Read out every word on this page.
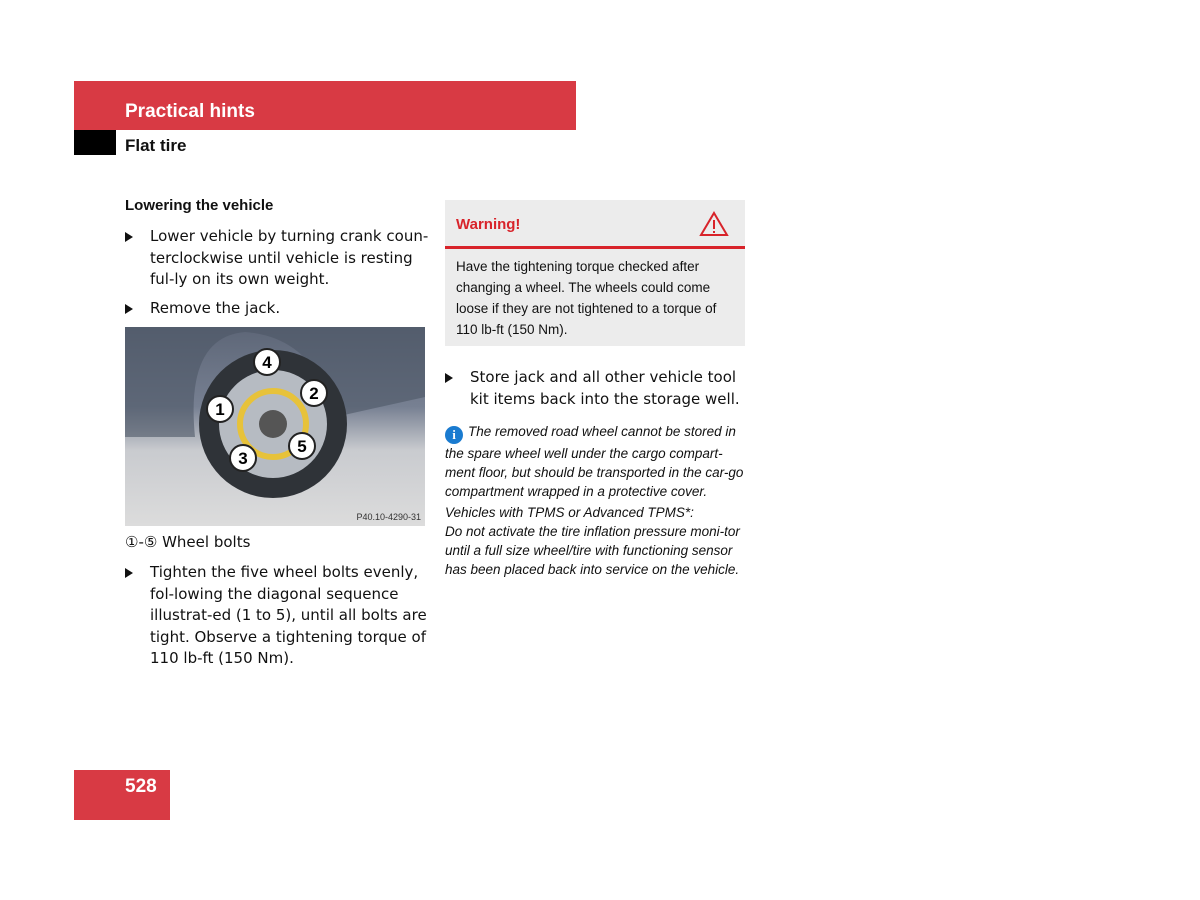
Practical hints
Flat tire
Lowering the vehicle
Lower vehicle by turning crank coun-terclockwise until vehicle is resting ful-ly on its own weight.
Remove the jack.
4
2
1
5
3
P40.10-4290-31
①-⑤ Wheel bolts
Tighten the five wheel bolts evenly, fol-lowing the diagonal sequence illustrat-ed (1 to 5), until all bolts are tight. Observe a tightening torque of 110 lb-ft (150 Nm).
Warning!
Have the tightening torque checked after changing a wheel. The wheels could come loose if they are not tightened to a torque of 110 lb-ft (150 Nm).
Store jack and all other vehicle tool kit items back into the storage well.
i The removed road wheel cannot be stored in the spare wheel well under the cargo compart-ment floor, but should be transported in the car-go compartment wrapped in a protective cover.
Vehicles with TPMS or Advanced TPMS*:
Do not activate the tire inflation pressure moni-tor until a full size wheel/tire with functioning sensor has been placed back into service on the vehicle.
528
